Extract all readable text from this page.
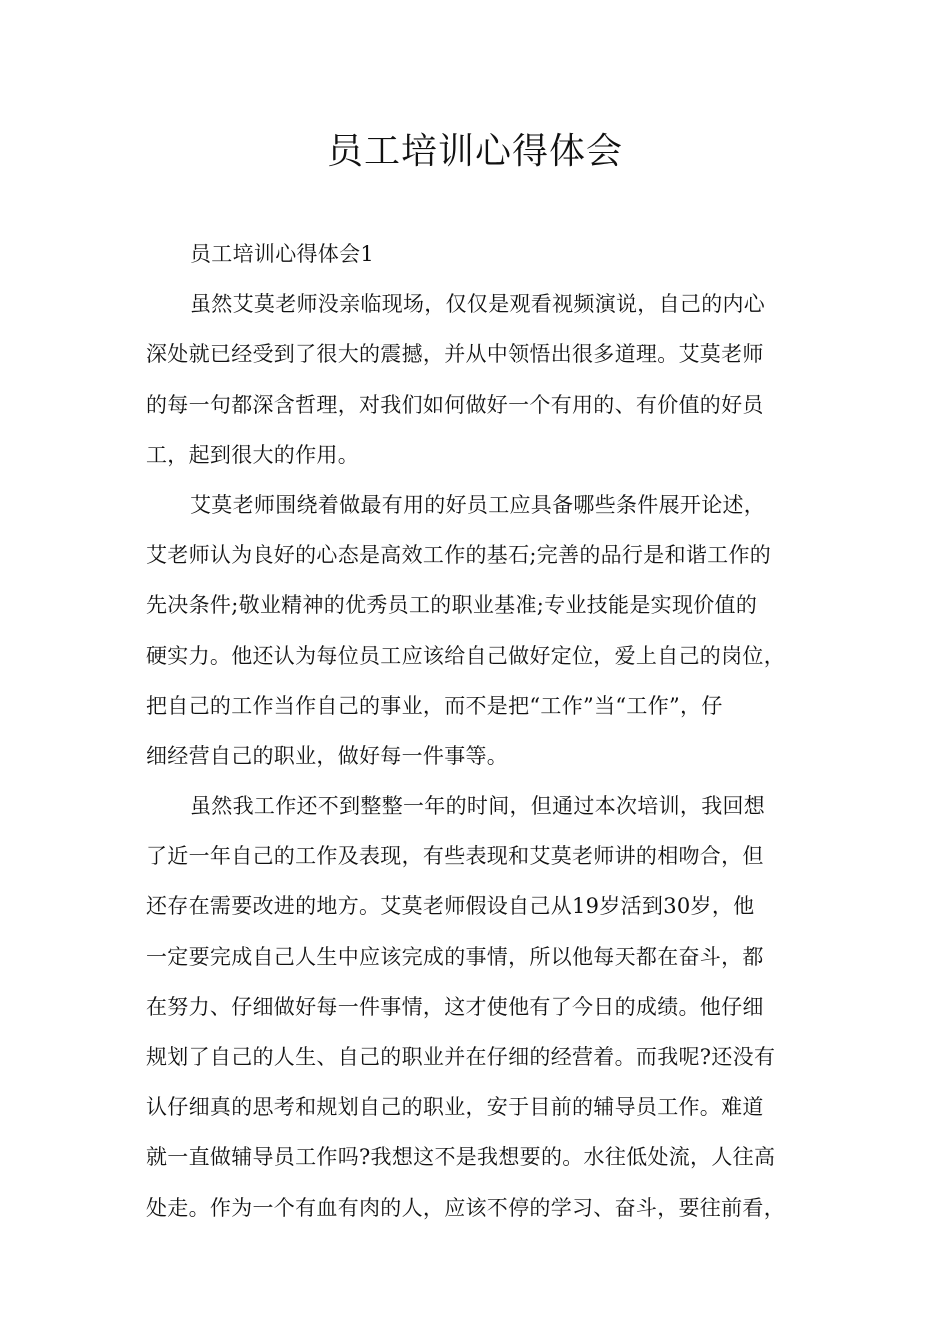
员工培训心得体会
员工培训心得体会1
虽然艾莫老师没亲临现场，仅仅是观看视频演说，自己的内心
深处就已经受到了很大的震撼，并从中领悟出很多道理。艾莫老师
的每一句都深含哲理，对我们如何做好一个有用的、有价值的好员
工，起到很大的作用。
艾莫老师围绕着做最有用的好员工应具备哪些条件展开论述，
艾老师认为良好的心态是高效工作的基石;完善的品行是和谐工作的
先决条件;敬业精神的优秀员工的职业基准;专业技能是实现价值的
硬实力。他还认为每位员工应该给自己做好定位，爱上自己的岗位，
把自己的工作当作自己的事业，而不是把“工作”当“工作”，仔
细经营自己的职业，做好每一件事等。
虽然我工作还不到整整一年的时间，但通过本次培训，我回想
了近一年自己的工作及表现，有些表现和艾莫老师讲的相吻合，但
还存在需要改进的地方。艾莫老师假设自己从19岁活到30岁，他
一定要完成自己人生中应该完成的事情，所以他每天都在奋斗，都
在努力、仔细做好每一件事情，这才使他有了今日的成绩。他仔细
规划了自己的人生、自己的职业并在仔细的经营着。而我呢?还没有
认仔细真的思考和规划自己的职业，安于目前的辅导员工作。难道
就一直做辅导员工作吗?我想这不是我想要的。水往低处流，人往高
处走。作为一个有血有肉的人，应该不停的学习、奋斗，要往前看，
